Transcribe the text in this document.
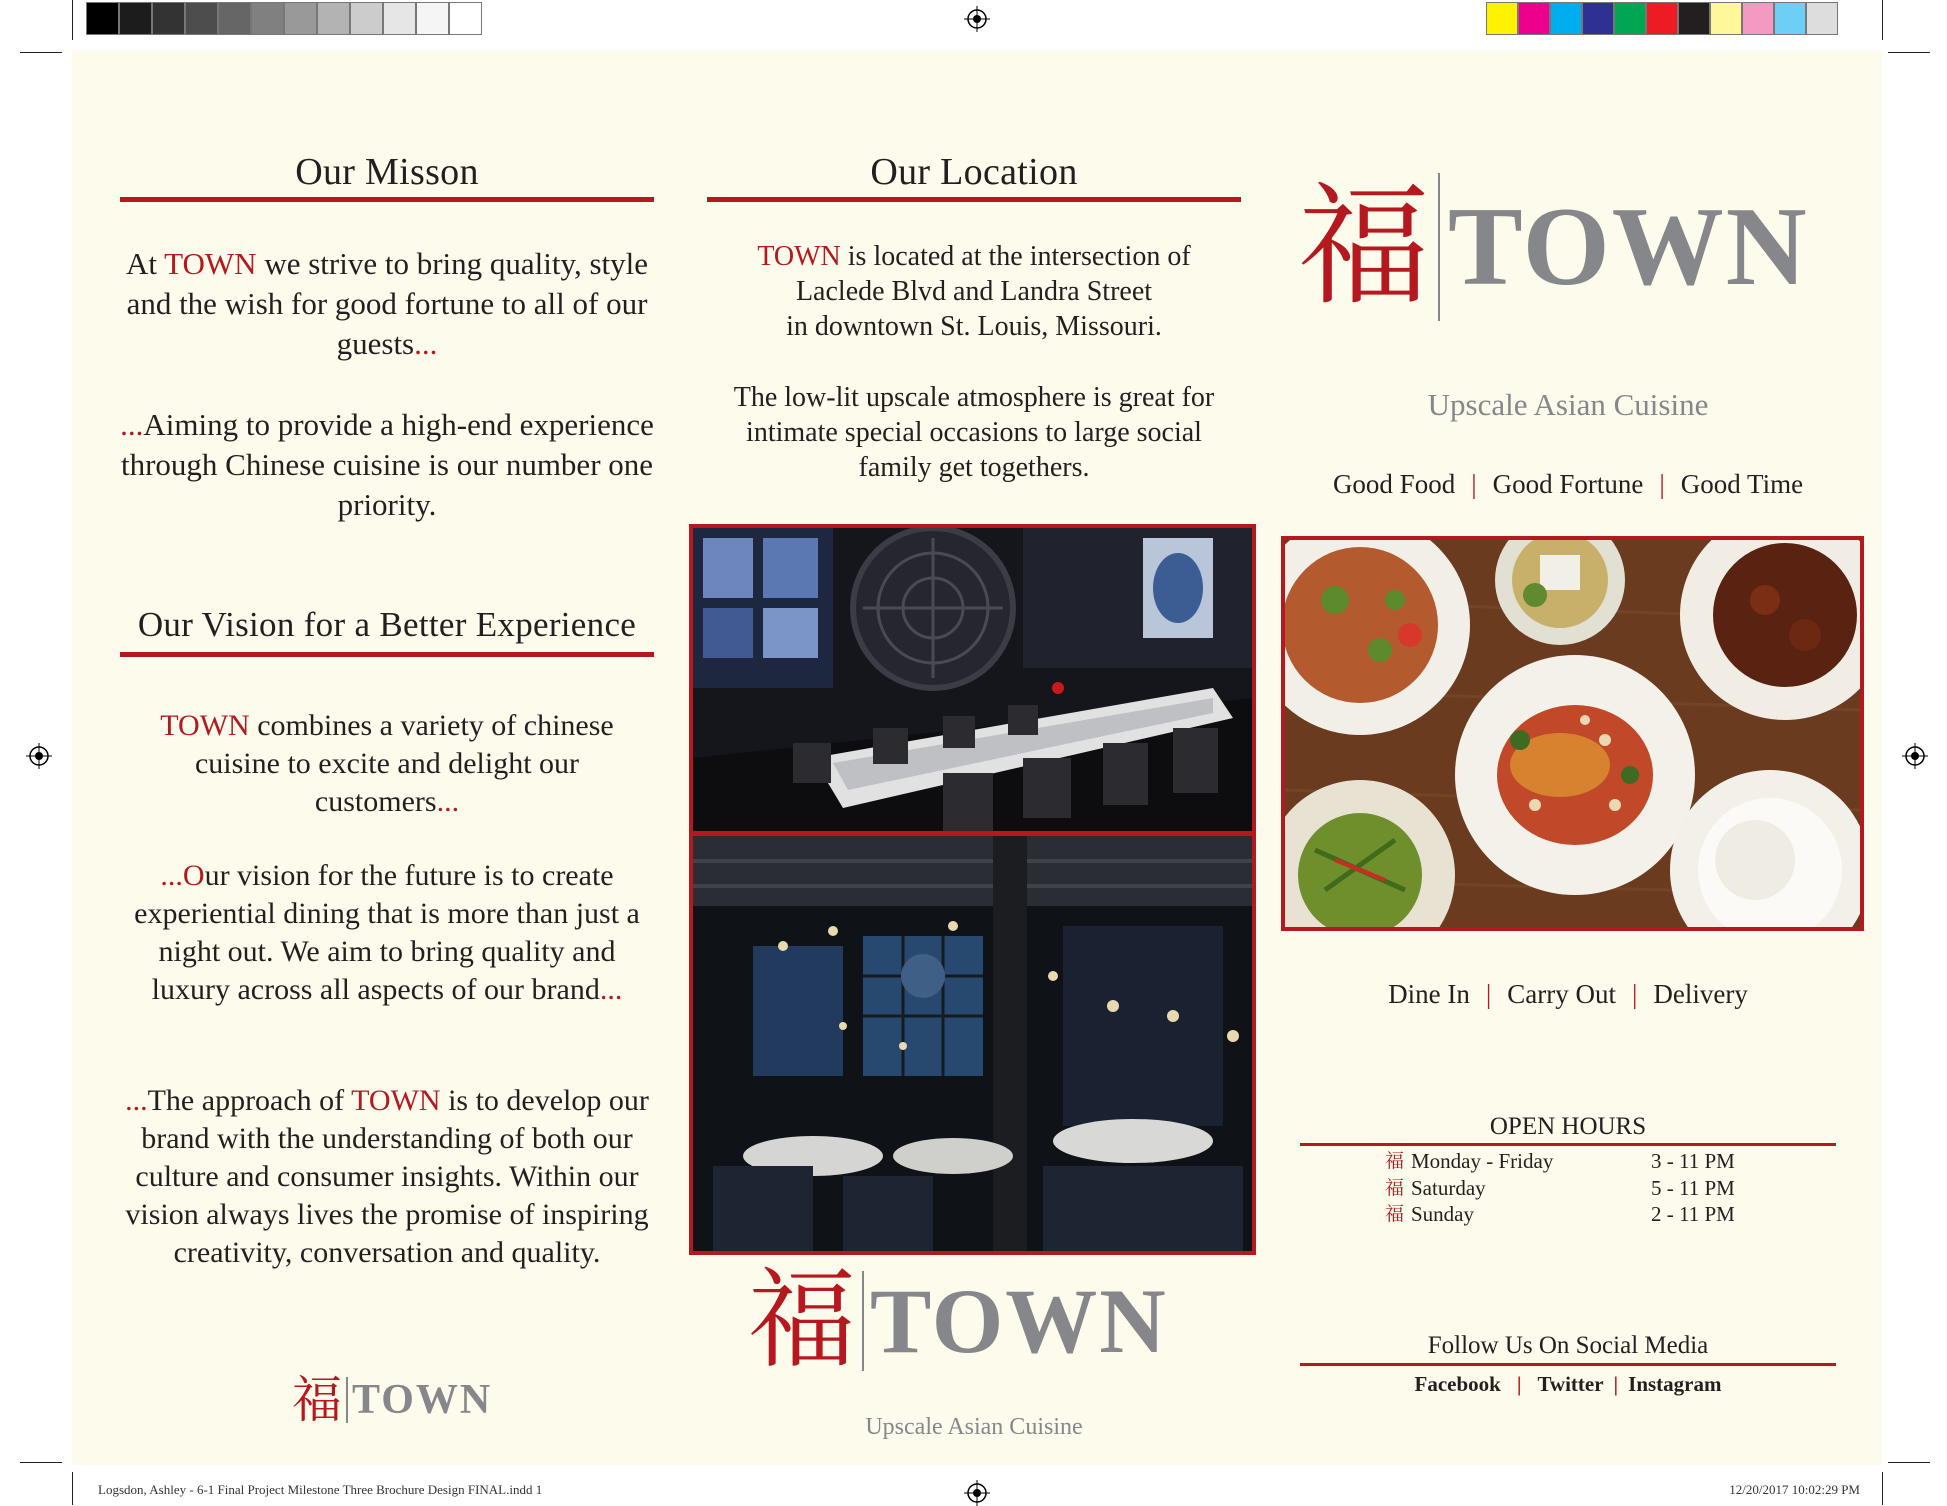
Our Misson
At TOWN we strive to bring quality, style and the wish for good fortune to all of our guests...
...Aiming to provide a high-end experience through Chinese cuisine is our number one priority.
Our Vision for a Better Experience
TOWN combines a variety of chinese cuisine to excite and delight our customers...
...Our vision for the future is to create experiential dining that is more than just a night out. We aim to bring quality and luxury across all aspects of our brand...
...The approach of TOWN is to develop our brand with the understanding of both our culture and consumer insights. Within our vision always lives the promise of inspiring creativity, conversation and quality.
福 TOWN
Our Location
TOWN is located at the intersection of
Laclede Blvd and Landra Street
in downtown St. Louis, Missouri.
The low-lit upscale atmosphere is great for intimate special occasions to large social family get togethers.
福 TOWN
Upscale Asian Cuisine
福 TOWN
Upscale Asian Cuisine
Good Food | Good Fortune | Good Time
Dine In | Carry Out | Delivery
OPEN HOURS
福 Monday - Friday	3 - 11 PM
福 Saturday	5 - 11 PM
福 Sunday	2 - 11 PM
Follow Us On Social Media
Facebook | Twitter | Instagram
Logsdon, Ashley - 6-1 Final Project Milestone Three Brochure Design FINAL.indd 1	12/20/2017 10:02:29 PM
